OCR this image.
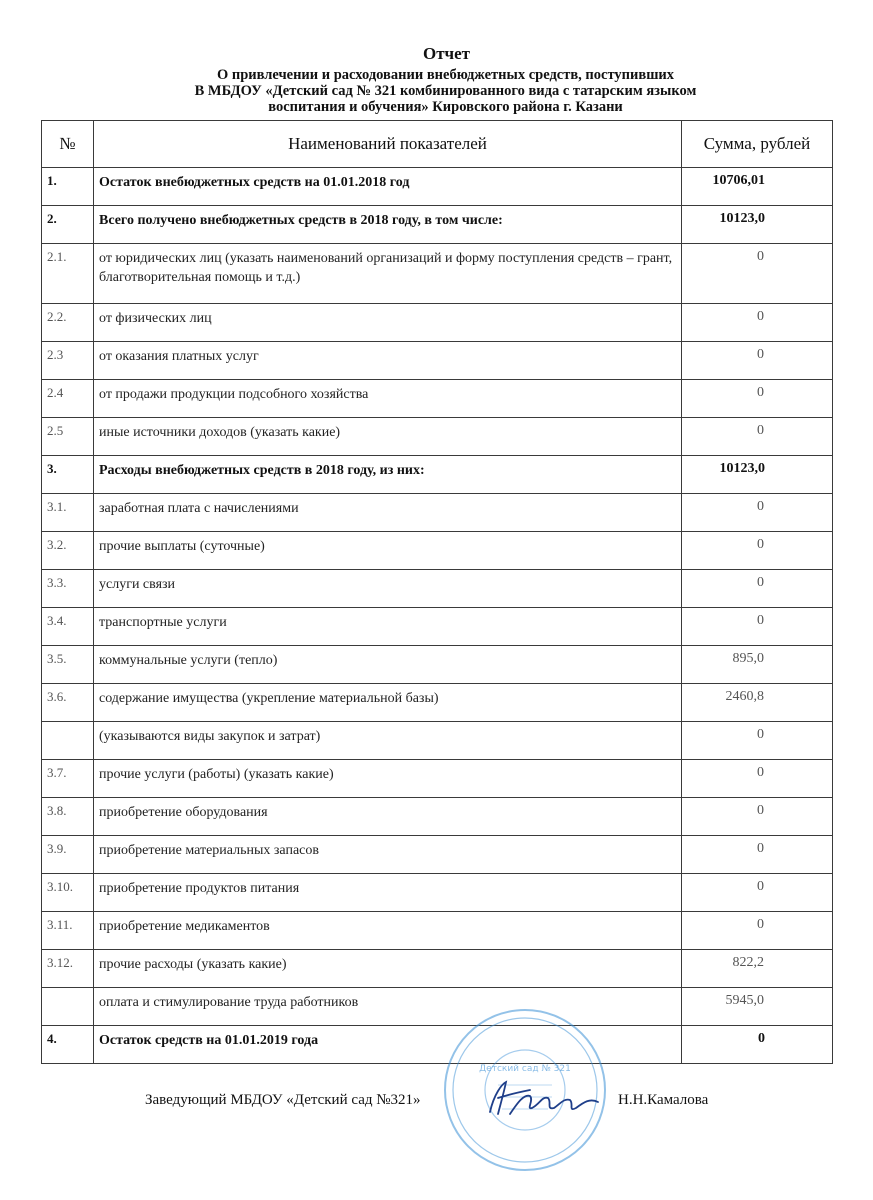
Отчет
О привлечении и расходовании внебюджетных средств, поступивших
В МБДОУ «Детский сад № 321 комбинированного вида с татарским языком
воспитания и обучения» Кировского района г. Казани
№	Наименований показателей	Сумма, рублей
1.	Остаток внебюджетных средств на 01.01.2018 год	10706,01
2.	Всего получено внебюджетных средств в 2018 году, в том числе:	10123,0
2.1.	от юридических лиц (указать наименований организаций и форму поступления средств – грант, благотворительная помощь и т.д.)	0
2.2.	от физических лиц	0
2.3	от оказания платных услуг	0
2.4	от продажи продукции подсобного хозяйства	0
2.5	иные источники доходов (указать какие)	0
3.	Расходы внебюджетных средств в 2018 году, из них:	10123,0
3.1.	заработная плата с начислениями	0
3.2.	прочие выплаты (суточные)	0
3.3.	услуги связи	0
3.4.	транспортные услуги	0
3.5.	коммунальные услуги (тепло)	895,0
3.6.	содержание имущества (укрепление материальной базы)	2460,8
	(указываются виды закупок и затрат)	0
3.7.	прочие услуги (работы) (указать какие)	0
3.8.	приобретение оборудования	0
3.9.	приобретение материальных запасов	0
3.10.	приобретение продуктов питания	0
3.11.	приобретение медикаментов	0
3.12.	прочие расходы (указать какие)	822,2
	оплата и стимулирование труда работников	5945,0
4.	Остаток средств на 01.01.2019 года	0
Детский сад № 321
Заведующий МБДОУ «Детский сад №321»	Н.Н.Камалова
